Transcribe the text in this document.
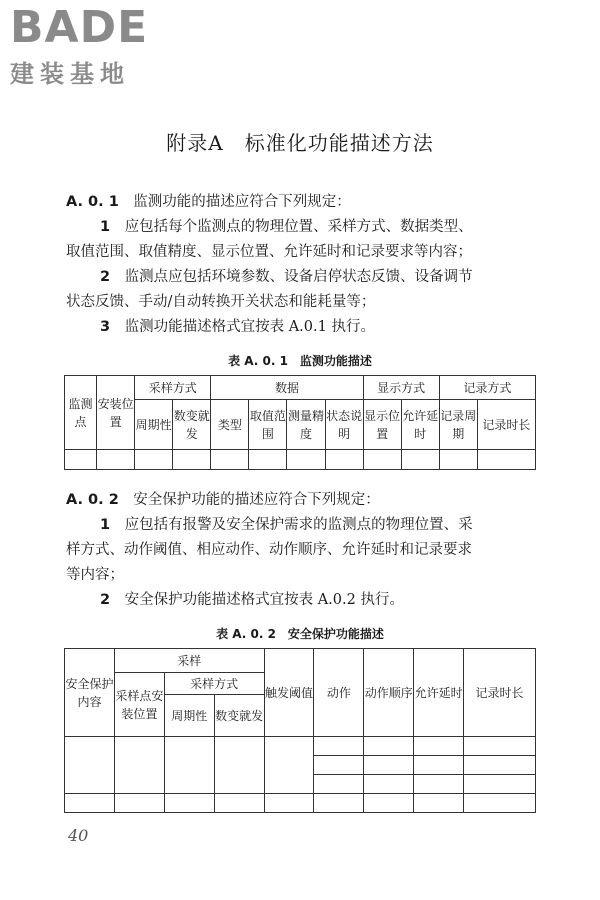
BADE
建装基地
附录A　标准化功能描述方法
A. 0. 1　 监测功能的描述应符合下列规定：
1　 应包括每个监测点的物理位置、采样方式、数据类型、
取值范围、取值精度、显示位置、允许延时和记录要求等内容；
2　 监测点应包括环境参数、设备启停状态反馈、设备调节
状态反馈、手动/自动转换开关状态和能耗量等；
3　 监测功能描述格式宜按表 A.0.1 执行。
表 A. 0. 1　监测功能描述
监测点	安装位置	采样方式		数据				显示方式		记录方式	
		周期性	数变就发	类型	取值范围	测量精度	状态说明	显示位置	允许延时	记录周期	记录时长

A. 0. 2　 安全保护功能的描述应符合下列规定：
1　 应包括有报警及安全保护需求的监测点的物理位置、采
样方式、动作阈值、相应动作、动作顺序、允许延时和记录要求
等内容；
2　 安全保护功能描述格式宜按表 A.0.2 执行。
表 A. 0. 2　安全保护功能描述
安全保护内容	采样			触发阈值	动作	动作顺序	允许延时	记录时长
	采样点安装位置	采样方式						
		周期性	数变就发					

40
